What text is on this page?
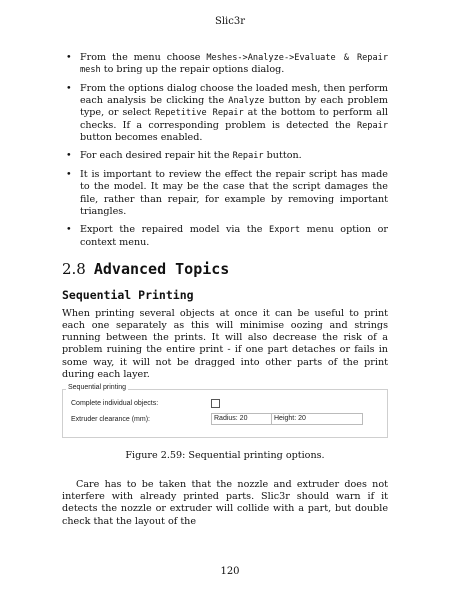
Slic3r
• From the menu choose Meshes->Analyze->Evaluate & Repair mesh to bring up the repair options dialog.
• From the options dialog choose the loaded mesh, then perform each analysis be clicking the Analyze button by each problem type, or select Repetitive Repair at the bottom to perform all checks. If a corresponding problem is detected the Repair button becomes enabled.
• For each desired repair hit the Repair button.
• It is important to review the effect the repair script has made to the model. It may be the case that the script damages the file, rather than repair, for example by removing important triangles.
• Export the repaired model via the Export menu option or context menu.
2.8 Advanced Topics
Sequential Printing

When printing several objects at once it can be useful to print each one separately as this will minimise oozing and strings running between the prints. It will also decrease the risk of a problem ruining the entire print - if one part detaches or fails in some way, it will not be dragged into other parts of the print during each layer.

Sequential printing
Complete individual objects:
Extruder clearance (mm):	Radius: 20	Height: 20
Figure 2.59: Sequential printing options.

Care has to be taken that the nozzle and extruder does not interfere with already printed parts. Slic3r should warn if it detects the nozzle or extruder will collide with a part, but double check that the layout of the

120
